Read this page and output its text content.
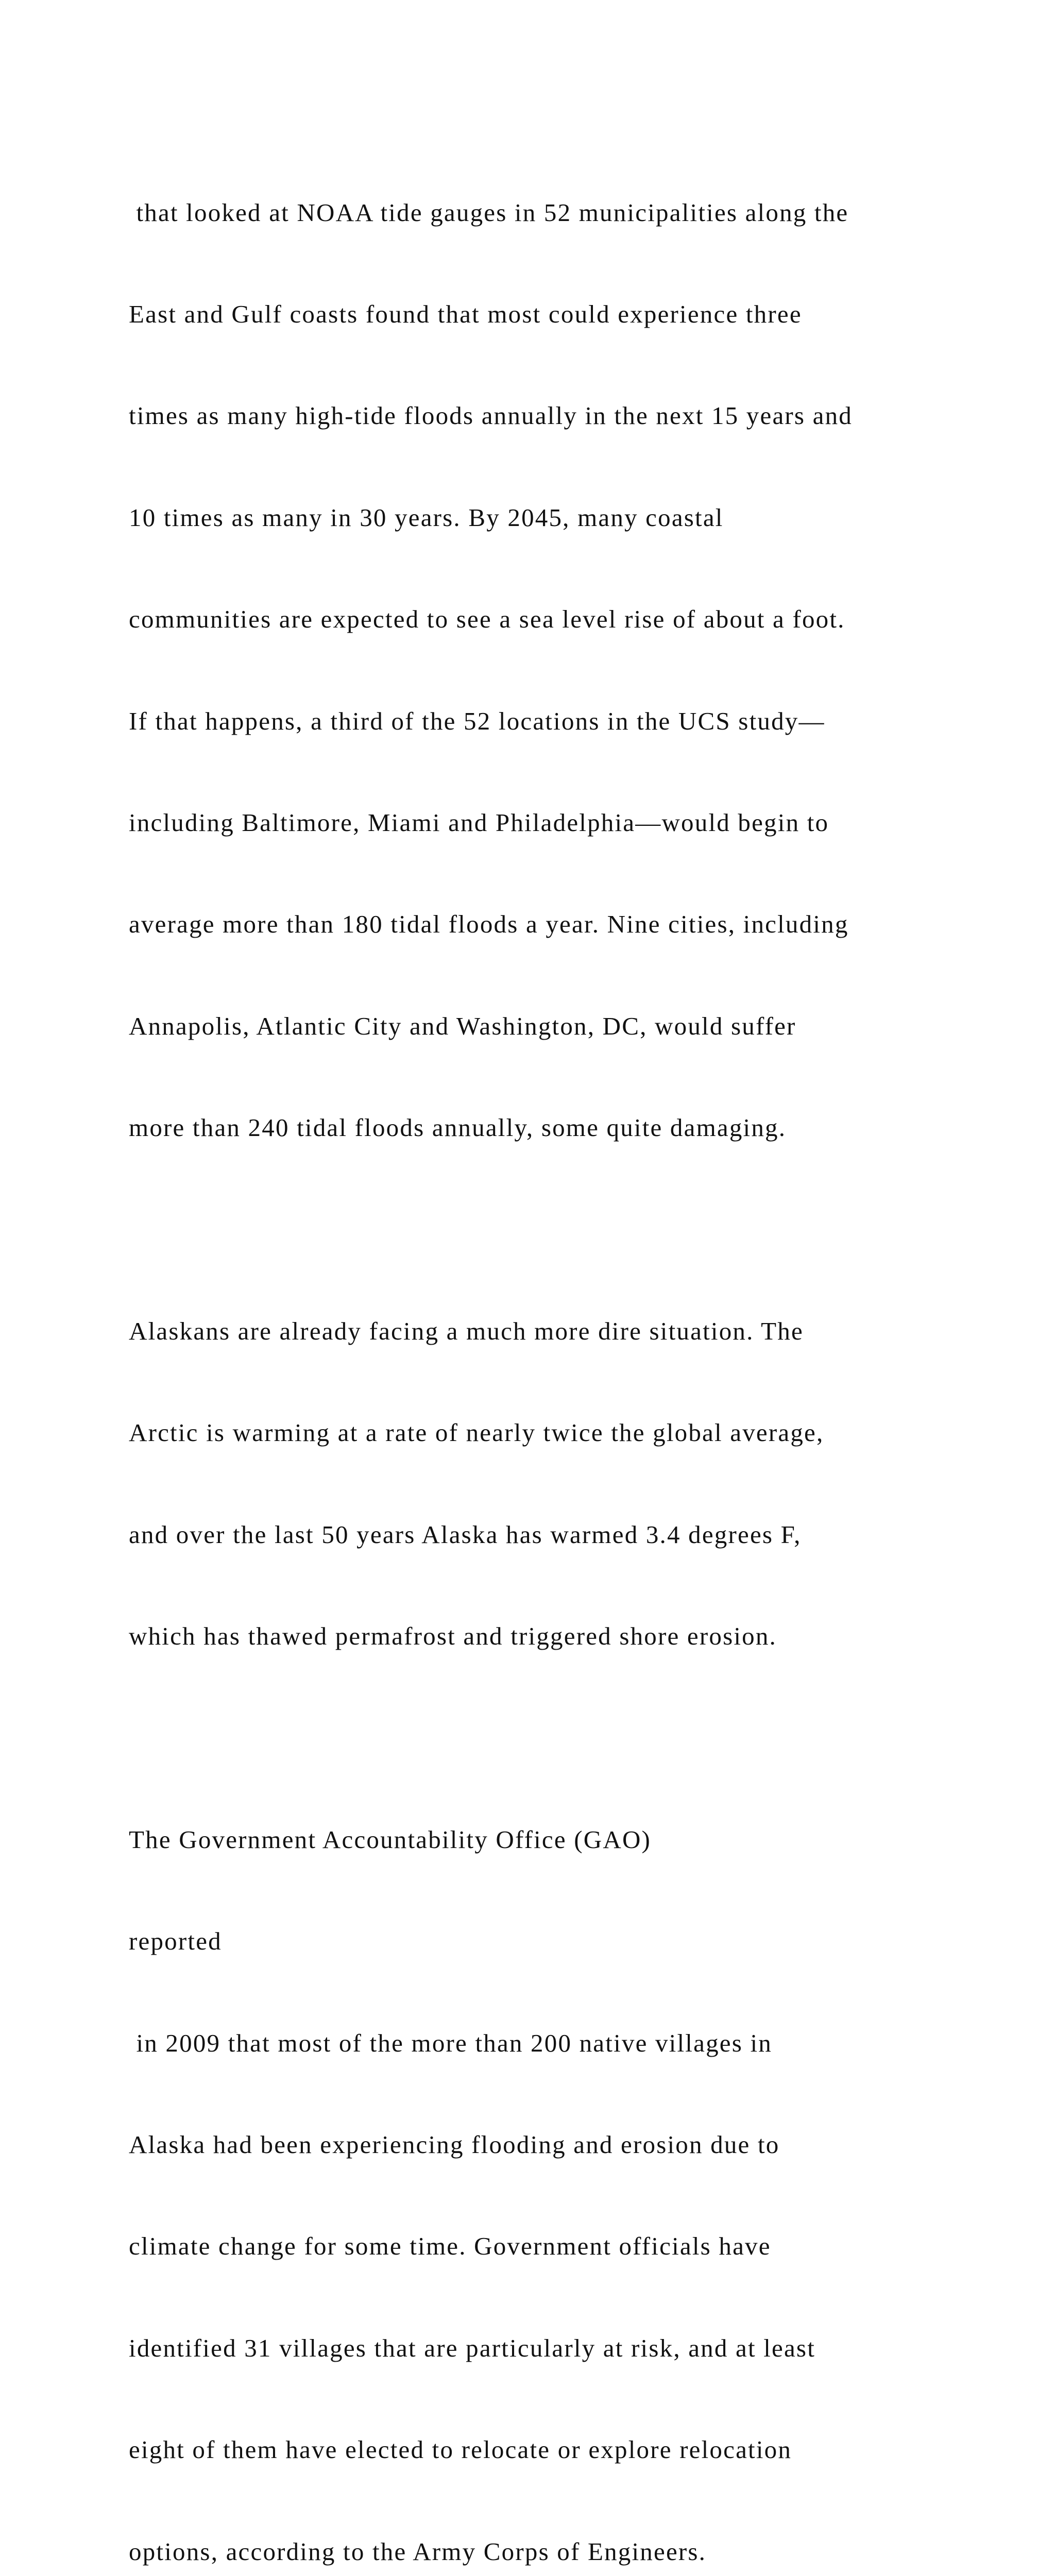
that looked at NOAA tide gauges in 52 municipalities along the

East and Gulf coasts found that most could experience three

times as many high-tide floods annually in the next 15 years and

10 times as many in 30 years. By 2045, many coastal

communities are expected to see a sea level rise of about a foot.

If that happens, a third of the 52 locations in the UCS study—

including Baltimore, Miami and Philadelphia—would begin to

average more than 180 tidal floods a year. Nine cities, including

Annapolis, Atlantic City and Washington, DC, would suffer

more than 240 tidal floods annually, some quite damaging.

Alaskans are already facing a much more dire situation. The

Arctic is warming at a rate of nearly twice the global average,

and over the last 50 years Alaska has warmed 3.4 degrees F,

which has thawed permafrost and triggered shore erosion.

The Government Accountability Office (GAO)

reported

in 2009 that most of the more than 200 native villages in

Alaska had been experiencing flooding and erosion due to

climate change for some time. Government officials have

identified 31 villages that are particularly at risk, and at least

eight of them have elected to relocate or explore relocation

options, according to the Army Corps of Engineers.
